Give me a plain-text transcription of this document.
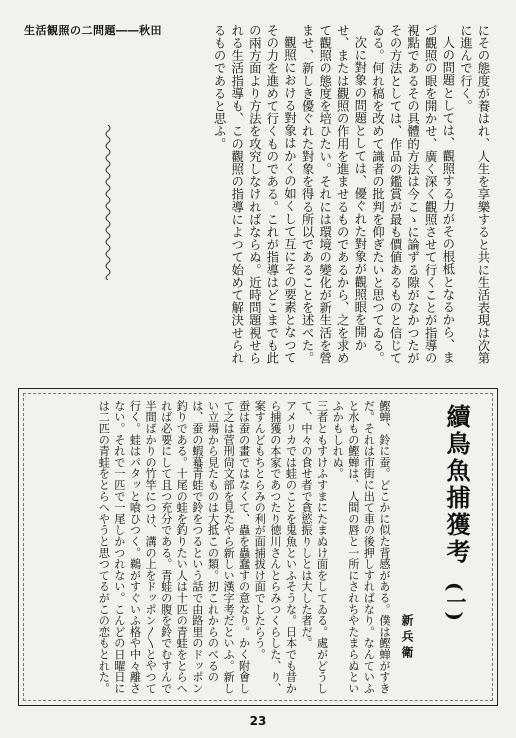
生活観照の二問題――秋田	にその態度が養はれ、人生を享樂すると共に生活表現は次第に進んで行く。

人の問題としては、觀照する力がその根柢となるから、まづ觀照の眼を開かせ、廣く深く觀照させて行くことが指導の視點であるその具體的方法は今こゝに論ずる隙がなかつたがその方法としては、作品の鑑賞が最も價値あるものと信じてゐる。何れ稿を改めて識者の批判を仰ぎたいと思つてゐる。

次に對象の問題としては、優ぐれた對象が觀照眼を開かせ、または觀照の作用を進ませるものであるから、之を求めて觀照の態度を培ひたい。それには環境の變化が新生活を營ませ、新しき優ぐれた對象を得る所以であることを述べた。

觀照における對象はかくの如くして互にその要素となつてその力を進めて行くものである。これが指導はどこまでも此の兩方面より方法を攻究しなければならぬ。近時問題視せられる生活指導も、この觀照の指導によつて始めて解決せられるものであると思ふ。

續鳥魚捕獲考
(一)
新兵衛

鰹蝉、鈴に蚕。どこかに似た背感がある。僕は鰹蝉がすきだ。それは市街に出て車の後押しすればなり。なんていふと水もの鰹蝉は、人間の唇と一所にされちやたまらぬといふかもしれぬ。

三者ともすけふすまにたまぬけ面をしてゐる。處がどうして、中々の食せ者で貪慾振りしとは大した者だ。

アメリカでは蛙のことを鬼魚といふそうな。日本でも昔から捕獲の本家であつたり徳川さんとらみつくらした、り、案すんどもちとらみの利が面捕拔け面でしたらう。

蚕は蚕の畫ではなくて、蟲を蟲蠢すの意なり。かく附會して之は菅刑尙文部を見たやら新しい漢字考だといふ。新しい立場から見たものは大抵この類。扨これからのべるのは、蚕の蝦蟇青蛙で鈴をつるという話で由路里のドッポン釣りである。十尾の蛙を釣りたい人は十匹の青蛙をとらへれば必要にして且つ充分である。青蛙の腹を鈴でむすんで半間ばかりの竹竿につけ、溝の上をドッポン〳〵とやつて行く。蛙はパタッと喰ひつく。鵜がすぐいふ格や中々離さない。それで一匹で一尾しかつれない。こんどの日曜日には二匹の青蛙をとらへやうと思つてるがこの恋もとれた。

23
